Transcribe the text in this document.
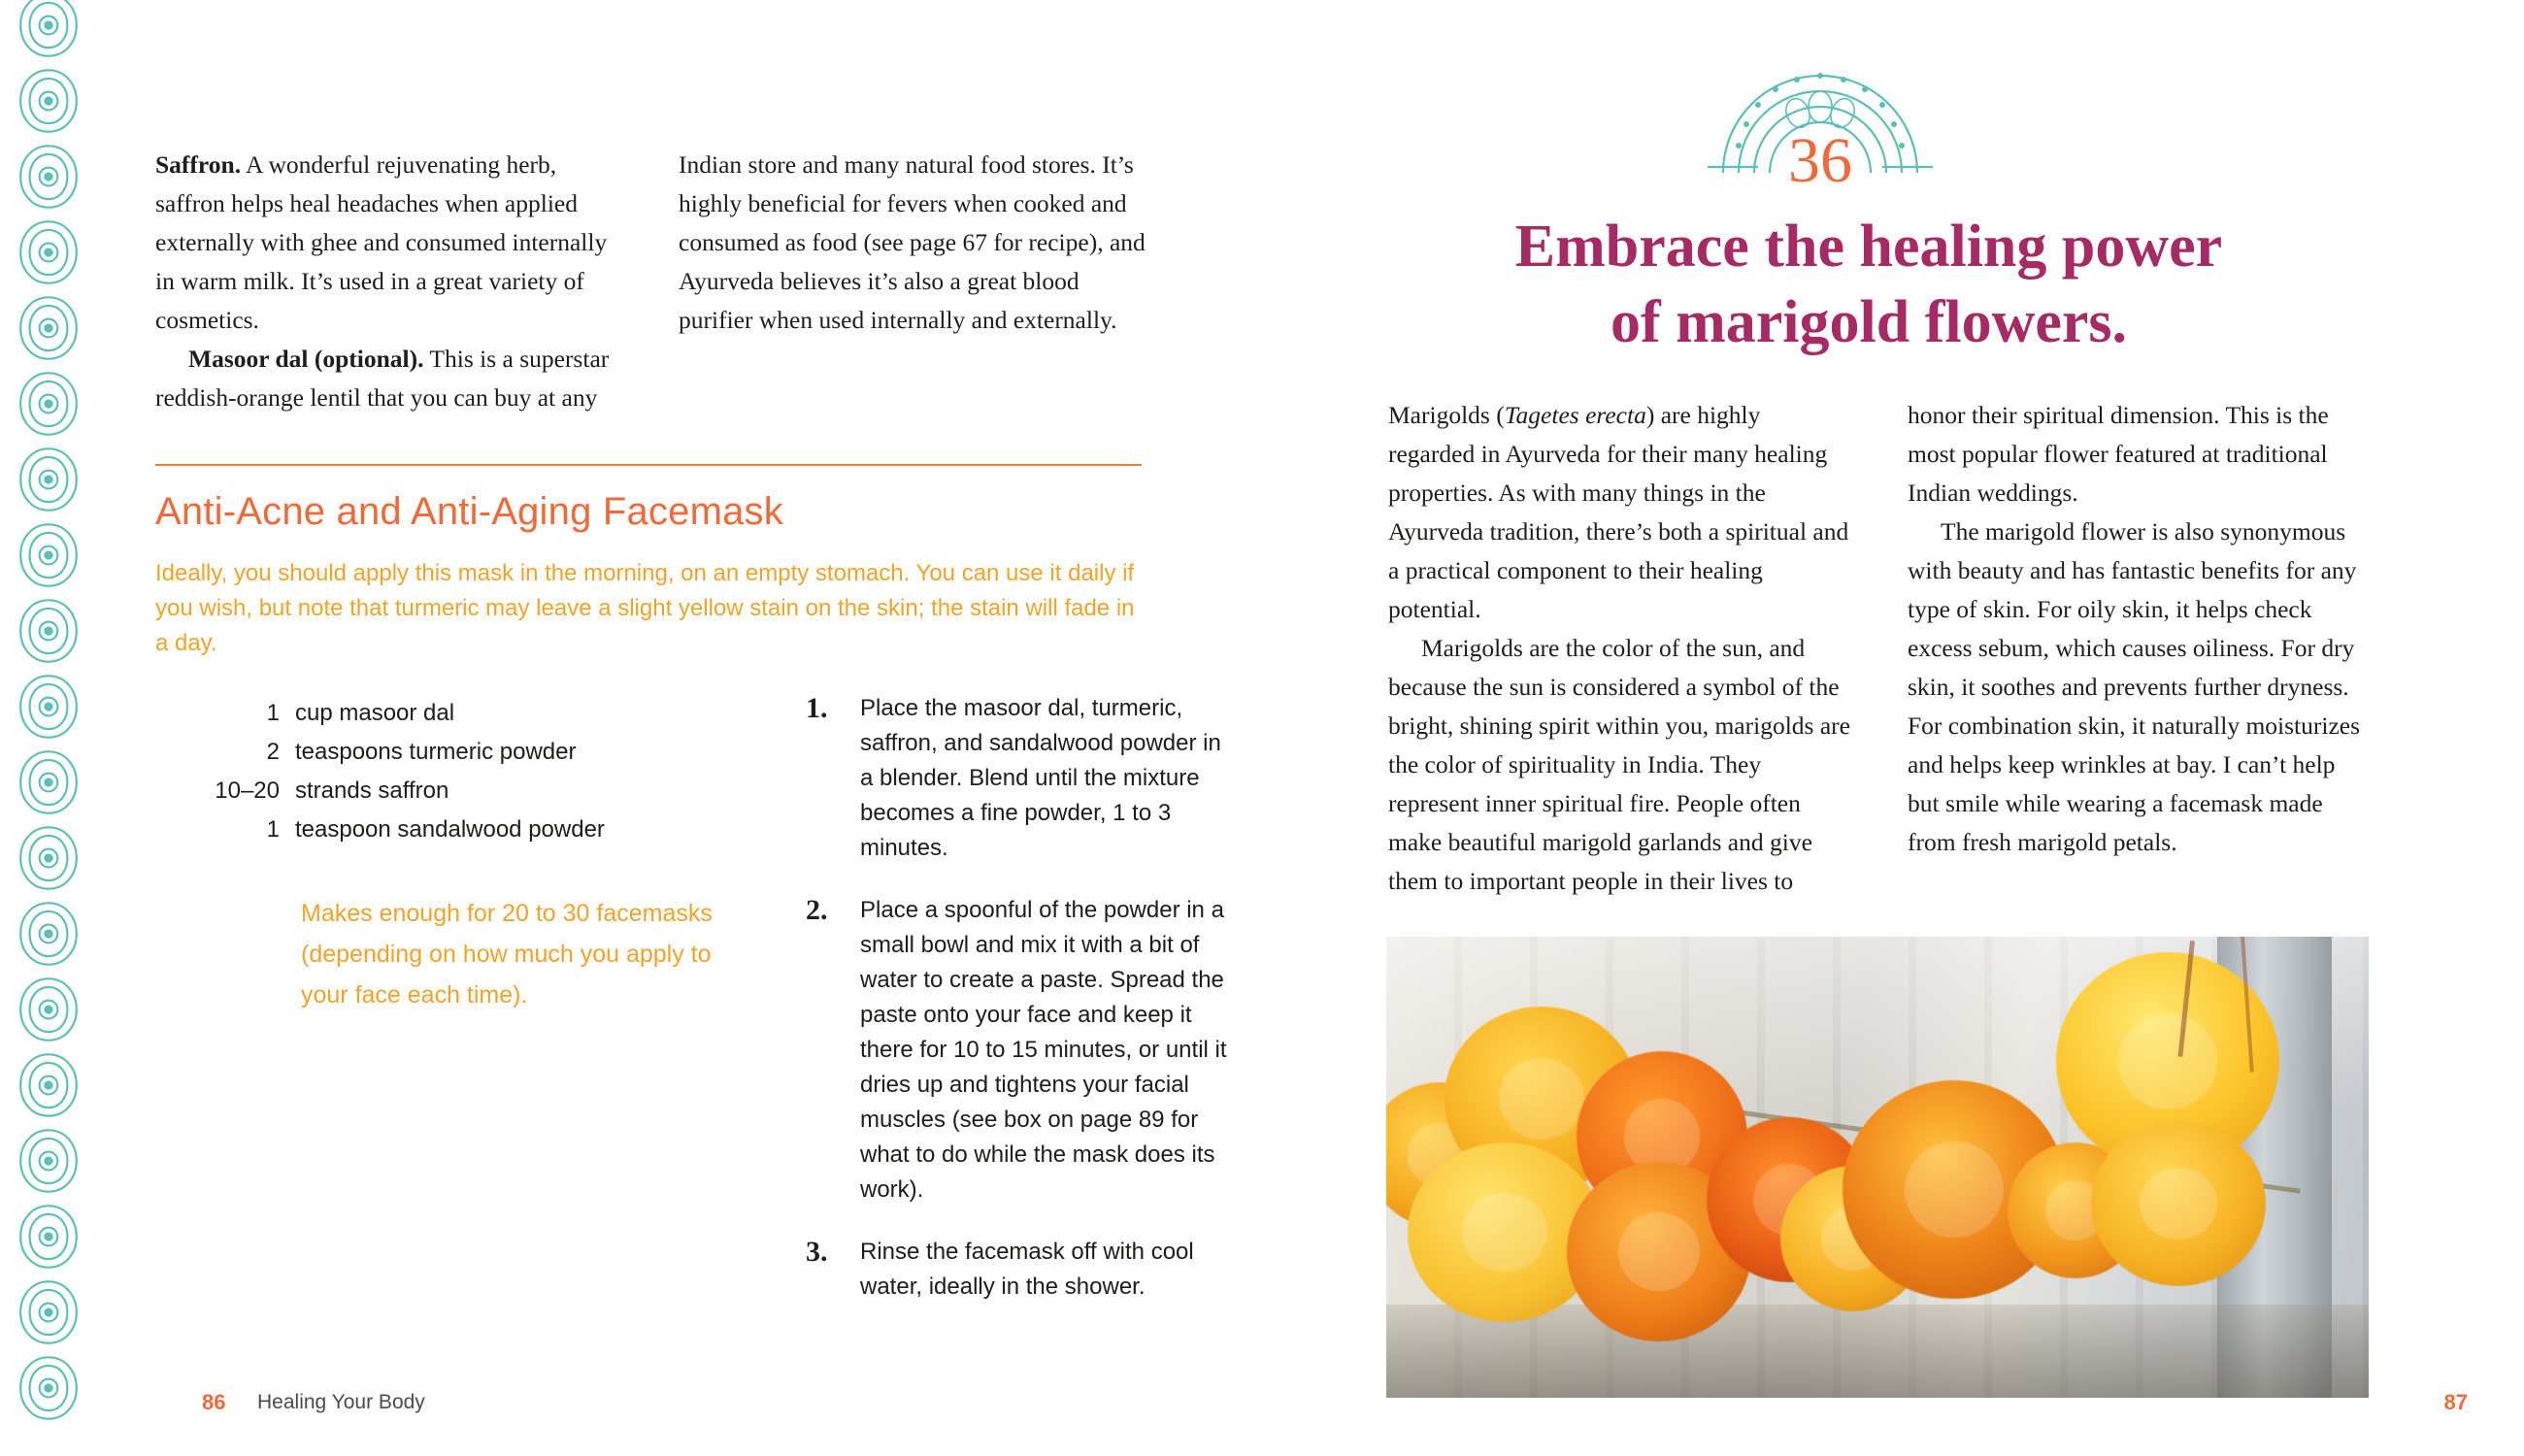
Saffron. A wonderful rejuvenating herb, saffron helps heal headaches when applied externally with ghee and consumed internally in warm milk. It’s used in a great variety of cosmetics.

Masoor dal (optional). This is a superstar reddish-orange lentil that you can buy at any Indian store and many natural food stores. It’s highly beneficial for fevers when cooked and consumed as food (see page 67 for recipe), and Ayurveda believes it’s also a great blood purifier when used internally and externally.

Anti-Acne and Anti-Aging Facemask

Ideally, you should apply this mask in the morning, on an empty stomach. You can use it daily if you wish, but note that turmeric may leave a slight yellow stain on the skin; the stain will fade in a day.

1 cup masoor dal
2 teaspoons turmeric powder
10–20 strands saffron
1 teaspoon sandalwood powder

Makes enough for 20 to 30 facemasks (depending on how much you apply to your face each time).

1.	Place the masoor dal, turmeric, saffron, and sandalwood powder in a blender. Blend until the mixture becomes a fine powder, 1 to 3 minutes.
2.	Place a spoonful of the powder in a small bowl and mix it with a bit of water to create a paste. Spread the paste onto your face and keep it there for 10 to 15 minutes, or until it dries up and tightens your facial muscles (see box on page 89 for what to do while the mask does its work).
3.	Rinse the facemask off with cool water, ideally in the shower.
86 Healing Your Body
36
Embrace the healing power
of marigold flowers.

Marigolds (Tagetes erecta) are highly regarded in Ayurveda for their many healing properties. As with many things in the Ayurveda tradition, there’s both a spiritual and a practical component to their healing potential.

Marigolds are the color of the sun, and because the sun is considered a symbol of the bright, shining spirit within you, marigolds are the color of spirituality in India. They represent inner spiritual fire. People often make beautiful marigold garlands and give them to important people in their lives to honor their spiritual dimension. This is the most popular flower featured at traditional Indian weddings.

The marigold flower is also synonymous with beauty and has fantastic benefits for any type of skin. For oily skin, it helps check excess sebum, which causes oiliness. For dry skin, it soothes and prevents further dryness. For combination skin, it naturally moisturizes and helps keep wrinkles at bay. I can’t help but smile while wearing a facemask made from fresh marigold petals.

87
